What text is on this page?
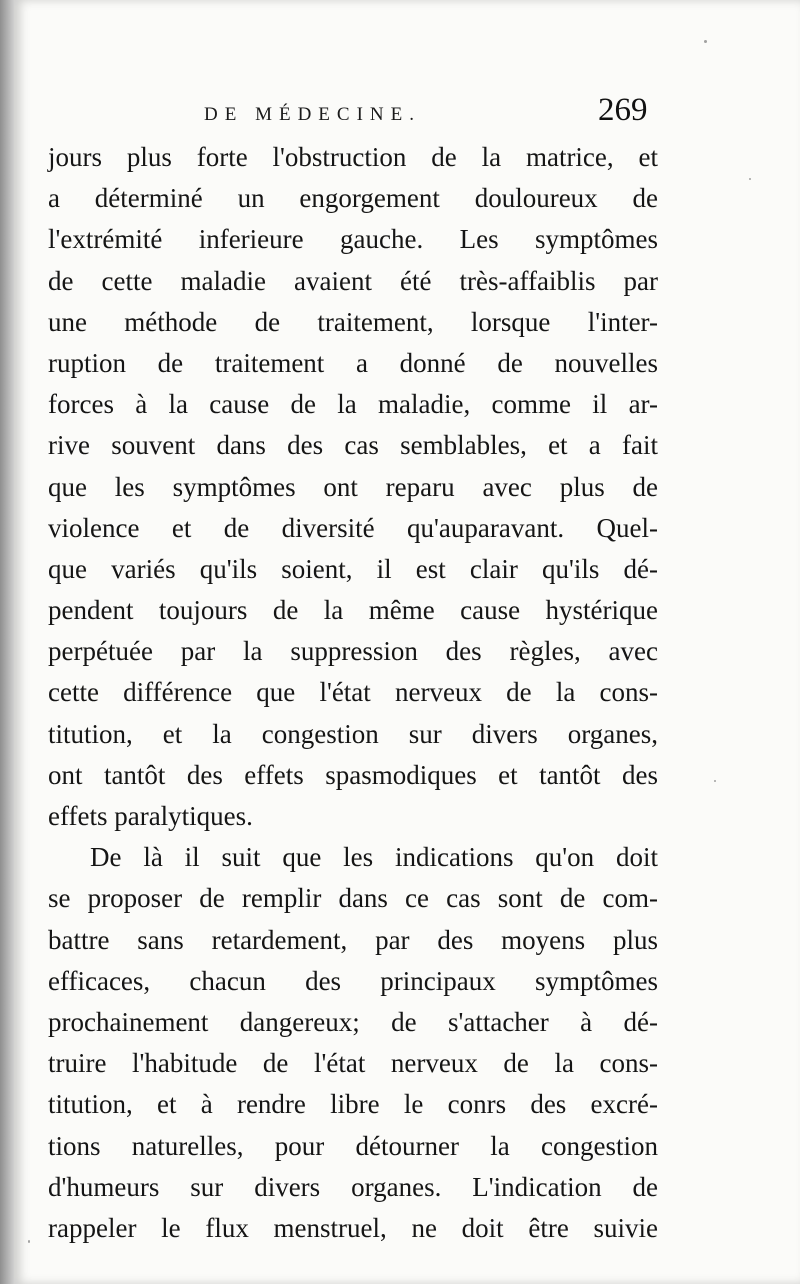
DE MÉDECINE.	269
jours plus forte l'obstruction de la matrice, et
a déterminé un engorgement douloureux de
l'extrémité inferieure gauche. Les symptômes
de cette maladie avaient été très-affaiblis par
une méthode de traitement, lorsque l'inter-
ruption de traitement a donné de nouvelles
forces à la cause de la maladie, comme il ar-
rive souvent dans des cas semblables, et a fait
que les symptômes ont reparu avec plus de
violence et de diversité qu'auparavant. Quel-
que variés qu'ils soient, il est clair qu'ils dé-
pendent toujours de la même cause hystérique
perpétuée par la suppression des règles, avec
cette différence que l'état nerveux de la cons-
titution, et la congestion sur divers organes,
ont tantôt des effets spasmodiques et tantôt des
effets paralytiques.
De là il suit que les indications qu'on doit
se proposer de remplir dans ce cas sont de com-
battre sans retardement, par des moyens plus
efficaces, chacun des principaux symptômes
prochainement dangereux; de s'attacher à dé-
truire l'habitude de l'état nerveux de la cons-
titution, et à rendre libre le conrs des excré-
tions naturelles, pour détourner la congestion
d'humeurs sur divers organes. L'indication de
rappeler le flux menstruel, ne doit être suivie
